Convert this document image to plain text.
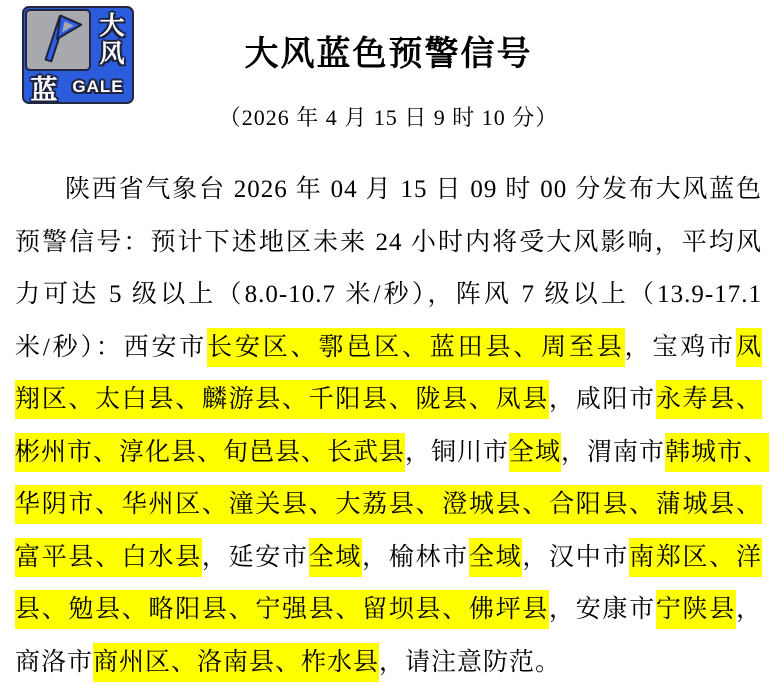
大
风
蓝 GALE
大风蓝色预警信号
（2026 年 4 月 15 日 9 时 10 分）
陕西省气象台 2026 年 04 月 15 日 09 时 00 分发布大风蓝色
预警信号：预计下述地区未来 24 小时内将受大风影响，平均风
力可达 5 级以上（8.0-10.7 米/秒），阵风 7 级以上（13.9-17.1
米/秒）：西安市长安区、鄠邑区、蓝田县、周至县，宝鸡市凤
翔区、太白县、麟游县、千阳县、陇县、凤县，咸阳市永寿县、
彬州市、淳化县、旬邑县、长武县，铜川市全域，渭南市韩城市、
华阴市、华州区、潼关县、大荔县、澄城县、合阳县、蒲城县、
富平县、白水县，延安市全域，榆林市全域，汉中市南郑区、洋
县、勉县、略阳县、宁强县、留坝县、佛坪县，安康市宁陕县，
商洛市商州区、洛南县、柞水县，请注意防范。
